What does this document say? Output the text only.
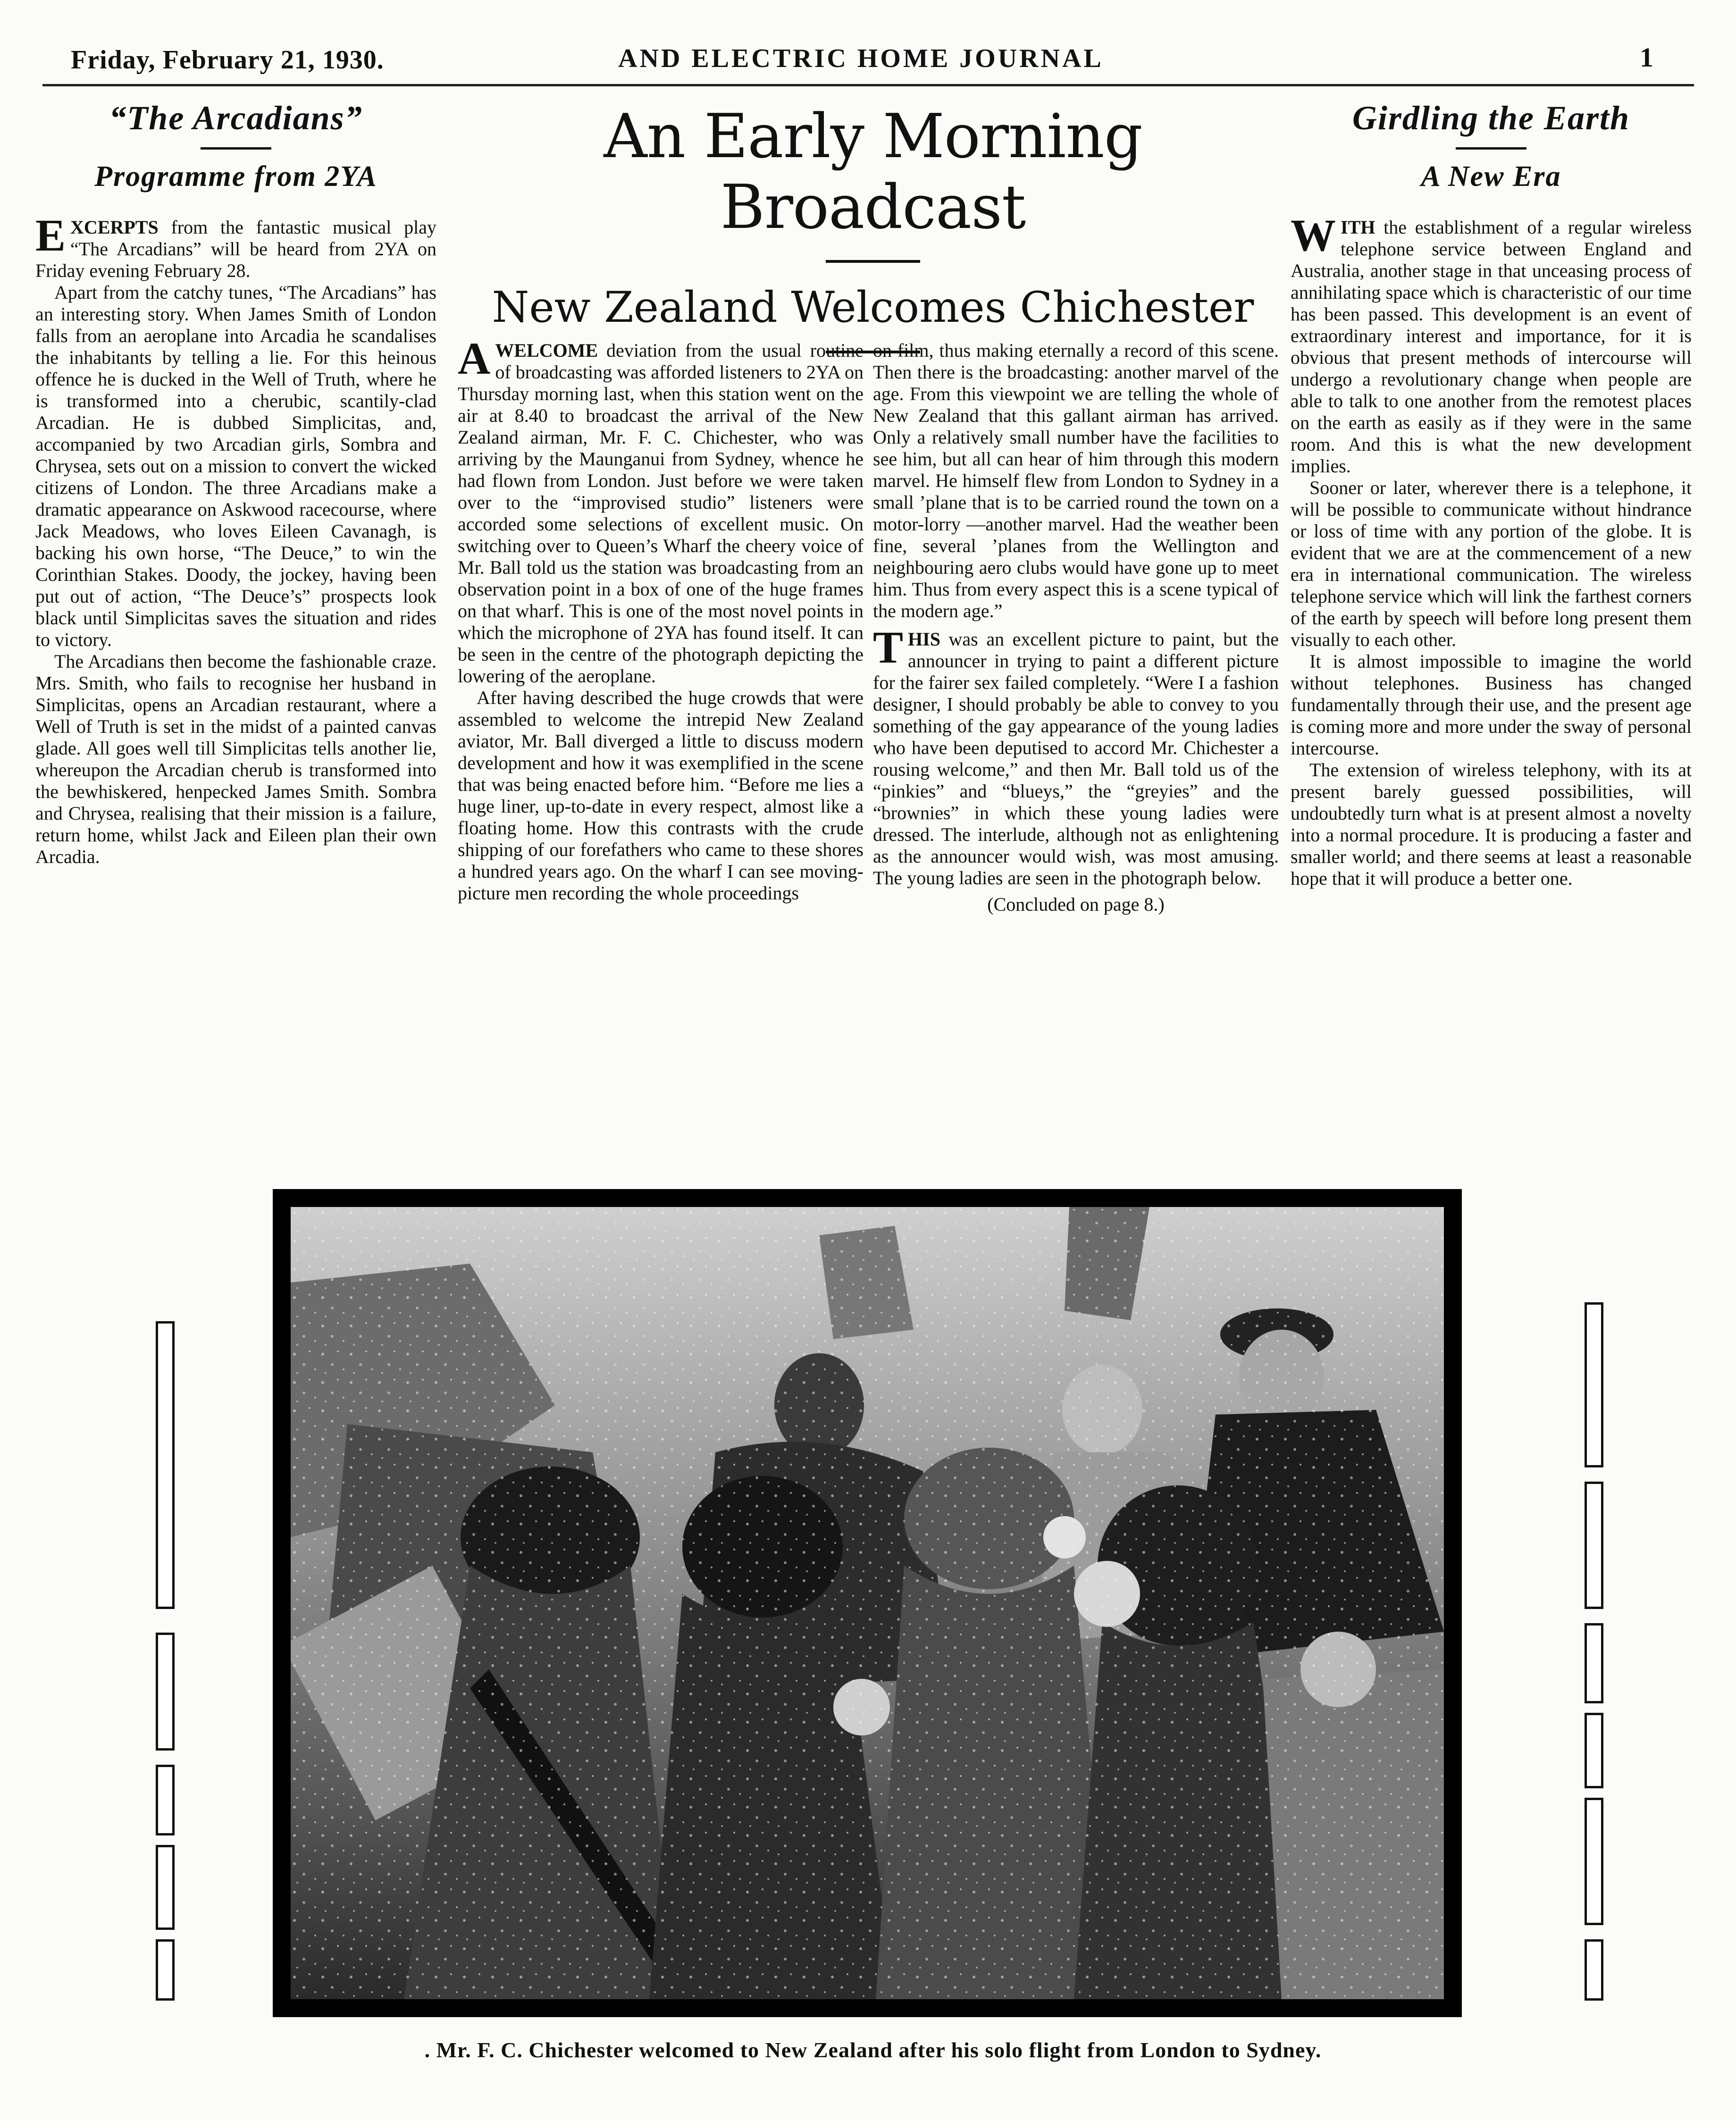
Friday, February 21, 1930.	AND ELECTRIC HOME JOURNAL	1
“The Arcadians”
Programme from 2YA

EXCERPTS from the fantastic musical play “The Arcadians” will be heard from 2YA on Friday evening February 28.

Apart from the catchy tunes, “The Arcadians” has an interesting story. When James Smith of London falls from an aeroplane into Arcadia he scandalises the inhabitants by telling a lie. For this heinous offence he is ducked in the Well of Truth, where he is transformed into a cherubic, scantily-clad Arcadian. He is dubbed Simplicitas, and, accompanied by two Arcadian girls, Sombra and Chrysea, sets out on a mission to convert the wicked citizens of London. The three Arcadians make a dramatic appearance on Askwood racecourse, where Jack Meadows, who loves Eileen Cavanagh, is backing his own horse, “The Deuce,” to win the Corinthian Stakes. Doody, the jockey, having been put out of action, “The Deuce’s” prospects look black until Simplicitas saves the situation and rides to victory.

The Arcadians then become the fashionable craze. Mrs. Smith, who fails to recognise her husband in Simplicitas, opens an Arcadian restaurant, where a Well of Truth is set in the midst of a painted canvas glade. All goes well till Simplicitas tells another lie, whereupon the Arcadian cherub is transformed into the bewhiskered, henpecked James Smith. Sombra and Chrysea, realising that their mission is a failure, return home, whilst Jack and Eileen plan their own Arcadia.

An Early Morning Broadcast
New Zealand Welcomes Chichester

A WELCOME deviation from the usual routine of broadcasting was afforded listeners to 2YA on Thursday morning last, when this station went on the air at 8.40 to broadcast the arrival of the New Zealand airman, Mr. F. C. Chichester, who was arriving by the Maunganui from Sydney, whence he had flown from London. Just before we were taken over to the “improvised studio” listeners were accorded some selections of excellent music. On switching over to Queen’s Wharf the cheery voice of Mr. Ball told us the station was broadcasting from an observation point in a box of one of the huge frames on that wharf. This is one of the most novel points in which the microphone of 2YA has found itself. It can be seen in the centre of the photograph depicting the lowering of the aeroplane.

After having described the huge crowds that were assembled to welcome the intrepid New Zealand aviator, Mr. Ball diverged a little to discuss modern development and how it was exemplified in the scene that was being enacted before him. “Before me lies a huge liner, up-to-date in every respect, almost like a floating home. How this contrasts with the crude shipping of our forefathers who came to these shores a hundred years ago. On the wharf I can see moving-picture men recording the whole proceedings

on film, thus making eternally a record of this scene. Then there is the broadcasting: another marvel of the age. From this viewpoint we are telling the whole of New Zealand that this gallant airman has arrived. Only a relatively small number have the facilities to see him, but all can hear of him through this modern marvel. He himself flew from London to Sydney in a small ’plane that is to be carried round the town on a motor-lorry —another marvel. Had the weather been fine, several ’planes from the Wellington and neighbouring aero clubs would have gone up to meet him. Thus from every aspect this is a scene typical of the modern age.”

THIS was an excellent picture to paint, but the announcer in trying to paint a different picture for the fairer sex failed completely. “Were I a fashion designer, I should probably be able to convey to you something of the gay appearance of the young ladies who have been deputised to accord Mr. Chichester a rousing welcome,” and then Mr. Ball told us of the “pinkies” and “blueys,” the “greyies” and the “brownies” in which these young ladies were dressed. The interlude, although not as enlightening as the announcer would wish, was most amusing. The young ladies are seen in the photograph below.

(Concluded on page 8.)

Girdling the Earth
A New Era

WITH the establishment of a regular wireless telephone service between England and Australia, another stage in that unceasing process of annihilating space which is characteristic of our time has been passed. This development is an event of extraordinary interest and importance, for it is obvious that present methods of intercourse will undergo a revolutionary change when people are able to talk to one another from the remotest places on the earth as easily as if they were in the same room. And this is what the new development implies.

Sooner or later, wherever there is a telephone, it will be possible to communicate without hindrance or loss of time with any portion of the globe. It is evident that we are at the commencement of a new era in international communication. The wireless telephone service which will link the farthest corners of the earth by speech will before long present them visually to each other.

It is almost impossible to imagine the world without telephones. Business has changed fundamentally through their use, and the present age is coming more and more under the sway of personal intercourse.

The extension of wireless telephony, with its at present barely guessed possibilities, will undoubtedly turn what is at present almost a novelty into a normal procedure. It is producing a faster and smaller world; and there seems at least a reasonable hope that it will produce a better one.

. Mr. F. C. Chichester welcomed to New Zealand after his solo flight from London to Sydney.
